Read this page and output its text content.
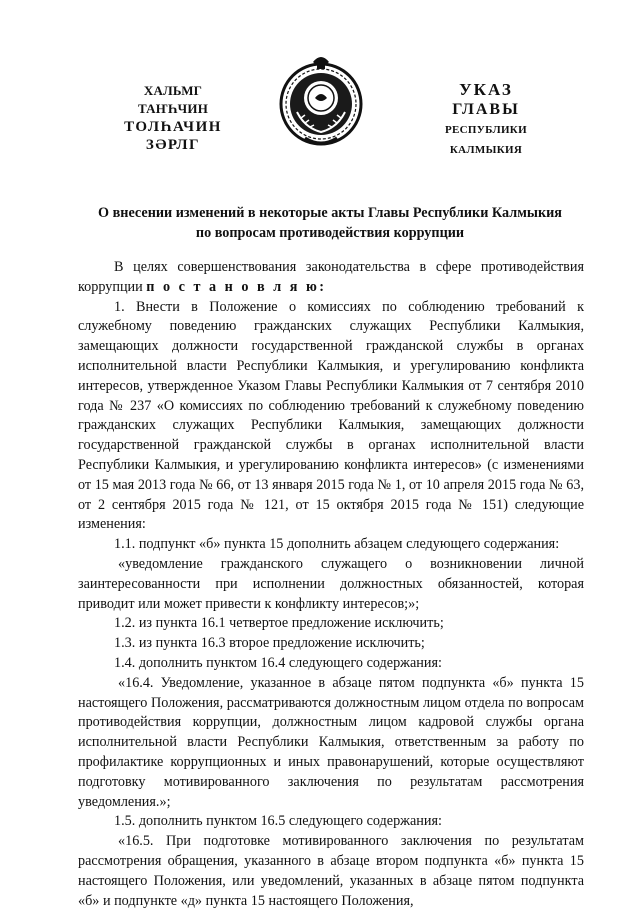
ХАЛЬМГ ТАҤҺЧИН
ТОЛҺАЧИН
ЗӘРЛГ
УКАЗ
ГЛАВЫ
РЕСПУБЛИКИ КАЛМЫКИЯ
О внесении изменений в некоторые акты Главы Республики Калмыкия
по вопросам противодействия коррупции

В целях совершенствования законодательства в сфере противодействия коррупции п о с т а н о в л я ю:

1. Внести в Положение о комиссиях по соблюдению требований к служебному поведению гражданских служащих Республики Калмыкия, замещающих должности государственной гражданской службы в органах исполнительной власти Республики Калмыкия, и урегулированию конфликта интересов, утвержденное Указом Главы Республики Калмыкия от 7 сентября 2010 года № 237 «О комиссиях по соблюдению требований к служебному поведению гражданских служащих Республики Калмыкия, замещающих должности государственной гражданской службы в органах исполнительной власти Республики Калмыкия, и урегулированию конфликта интересов» (с изменениями от 15 мая 2013 года № 66, от 13 января 2015 года № 1, от 10 апреля 2015 года № 63, от 2 сентября 2015 года № 121, от 15 октября 2015 года № 151) следующие изменения:

1.1. подпункт «б» пункта 15 дополнить абзацем следующего содержания:

«уведомление гражданского служащего о возникновении личной заинтересованности при исполнении должностных обязанностей, которая приводит или может привести к конфликту интересов;»;

1.2. из пункта 16.1 четвертое предложение исключить;

1.3. из пункта 16.3 второе предложение исключить;

1.4. дополнить пунктом 16.4 следующего содержания:

«16.4. Уведомление, указанное в абзаце пятом подпункта «б» пункта 15 настоящего Положения, рассматриваются должностным лицом отдела по вопросам противодействия коррупции, должностным лицом кадровой службы органа исполнительной власти Республики Калмыкия, ответственным за работу по профилактике коррупционных и иных правонарушений, которые осуществляют подготовку мотивированного заключения по результатам рассмотрения уведомления.»;

1.5. дополнить пунктом 16.5 следующего содержания:

«16.5. При подготовке мотивированного заключения по результатам рассмотрения обращения, указанного в абзаце втором подпункта «б» пункта 15 настоящего Положения, или уведомлений, указанных в абзаце пятом подпункта «б» и подпункте «д» пункта 15 настоящего Положения,
